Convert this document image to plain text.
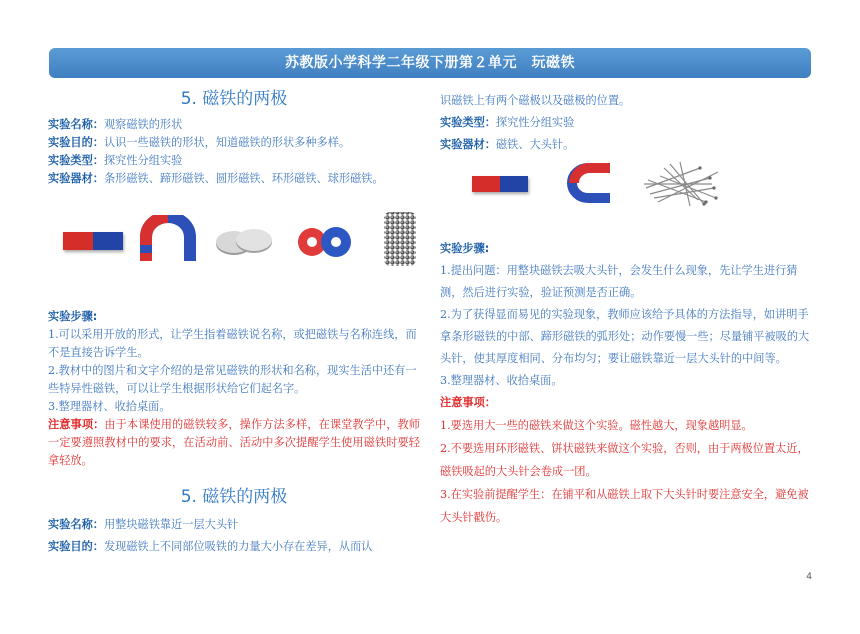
苏教版小学科学二年级下册第２单元　玩磁铁

5. 磁铁的两极

实验名称：观察磁铁的形状

实验目的：认识一些磁铁的形状，知道磁铁的形状多种多样。

实验类型：探究性分组实验

实验器材：条形磁铁、蹄形磁铁、圆形磁铁、环形磁铁、球形磁铁。

实验步骤:

1.可以采用开放的形式，让学生指着磁铁说名称，或把磁铁与名称连线，而不是直接告诉学生。

2.教材中的图片和文字介绍的是常见磁铁的形状和名称，现实生活中还有一些特异性磁铁，可以让学生根据形状给它们起名字。

3.整理器材、收拾桌面。

注意事项：由于本课使用的磁铁较多，操作方法多样，在课堂教学中，教师一定要遵照教材中的要求，在活动前、活动中多次提醒学生使用磁铁时要轻拿轻放。

5. 磁铁的两极

实验名称：用整块磁铁靠近一层大头针

实验目的：发现磁铁上不同部位吸铁的力量大小存在差异，从而认

识磁铁上有两个磁极以及磁极的位置。

实验类型：探究性分组实验

实验器材：磁铁、大头针。

实验步骤:

1.提出问题：用整块磁铁去吸大头针，会发生什么现象，先让学生进行猜测，然后进行实验，验证预测是否正确。

2.为了获得显而易见的实验现象，教师应该给予具体的方法指导，如讲明手拿条形磁铁的中部、蹄形磁铁的弧形处；动作要慢一些；尽量铺平被吸的大头针，使其厚度相同、分布均匀；要让磁铁靠近一层大头针的中间等。

3.整理器材、收拾桌面。

注意事项：

1.要选用大一些的磁铁来做这个实验。磁性越大，现象越明显。

2.不要选用环形磁铁、饼状磁铁来做这个实验，否则，由于两极位置太近，磁铁吸起的大头针会卷成一团。

3.在实验前提醒学生：在铺平和从磁铁上取下大头针时要注意安全，避免被大头针戳伤。

4
